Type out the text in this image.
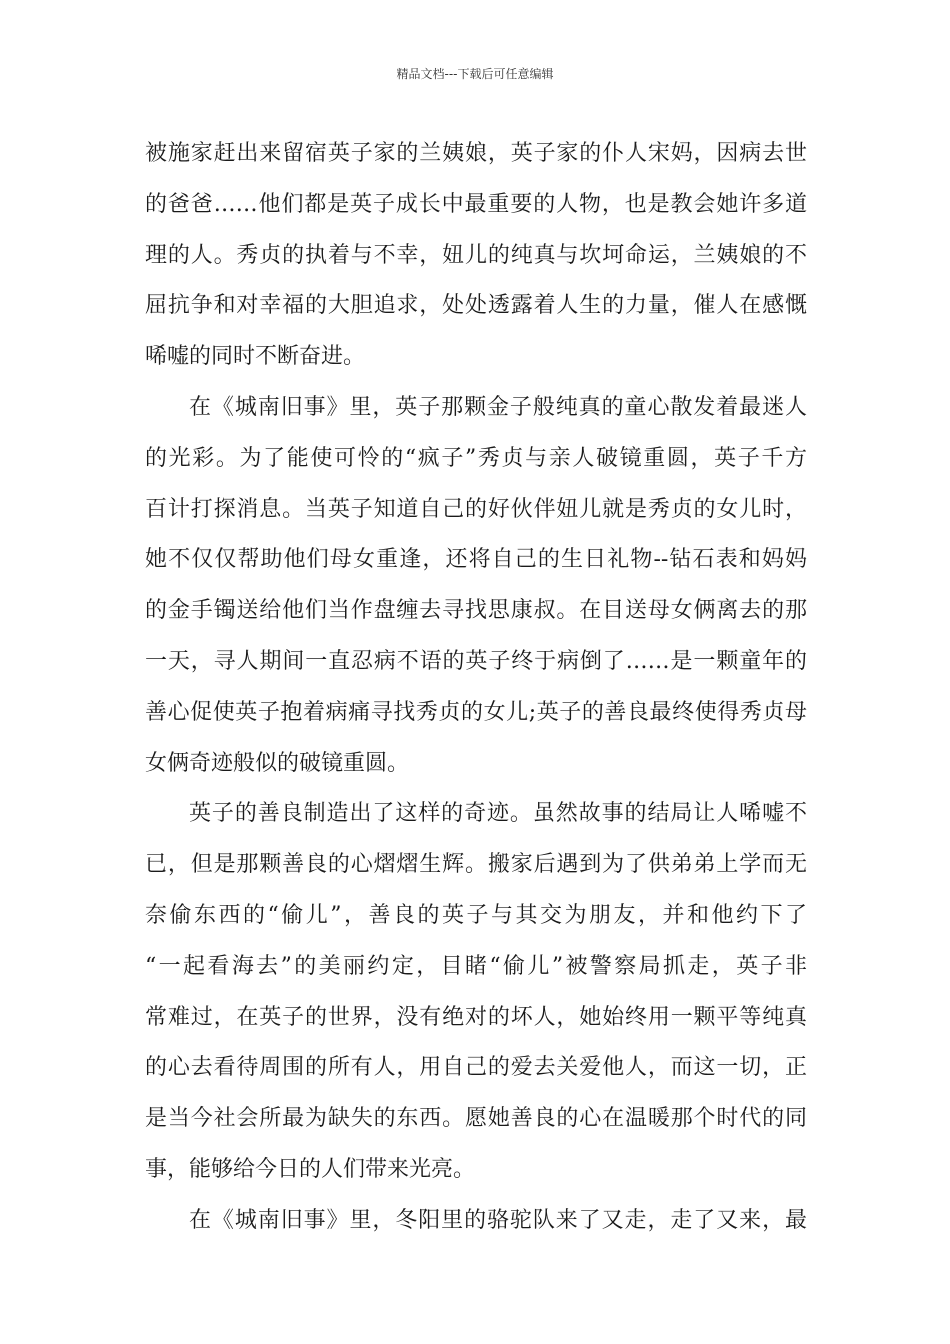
精品文档---下载后可任意编辑
被施家赶出来留宿英子家的兰姨娘，英子家的仆人宋妈，因病去世
的爸爸……他们都是英子成长中最重要的人物，也是教会她许多道
理的人。秀贞的执着与不幸，妞儿的纯真与坎坷命运，兰姨娘的不
屈抗争和对幸福的大胆追求，处处透露着人生的力量，催人在感慨
唏嘘的同时不断奋进。
在《城南旧事》里，英子那颗金子般纯真的童心散发着最迷人
的光彩。为了能使可怜的“疯子”秀贞与亲人破镜重圆，英子千方
百计打探消息。当英子知道自己的好伙伴妞儿就是秀贞的女儿时，
她不仅仅帮助他们母女重逢，还将自己的生日礼物--钻石表和妈妈
的金手镯送给他们当作盘缠去寻找思康叔。在目送母女俩离去的那
一天，寻人期间一直忍病不语的英子终于病倒了……是一颗童年的
善心促使英子抱着病痛寻找秀贞的女儿;英子的善良最终使得秀贞母
女俩奇迹般似的破镜重圆。
英子的善良制造出了这样的奇迹。虽然故事的结局让人唏嘘不
已，但是那颗善良的心熠熠生辉。搬家后遇到为了供弟弟上学而无
奈偷东西的“偷儿”，善良的英子与其交为朋友，并和他约下了
“一起看海去”的美丽约定，目睹“偷儿”被警察局抓走，英子非
常难过，在英子的世界，没有绝对的坏人，她始终用一颗平等纯真
的心去看待周围的所有人，用自己的爱去关爱他人，而这一切，正
是当今社会所最为缺失的东西。愿她善良的心在温暖那个时代的同
事，能够给今日的人们带来光亮。
在《城南旧事》里，冬阳里的骆驼队来了又走，走了又来，最
